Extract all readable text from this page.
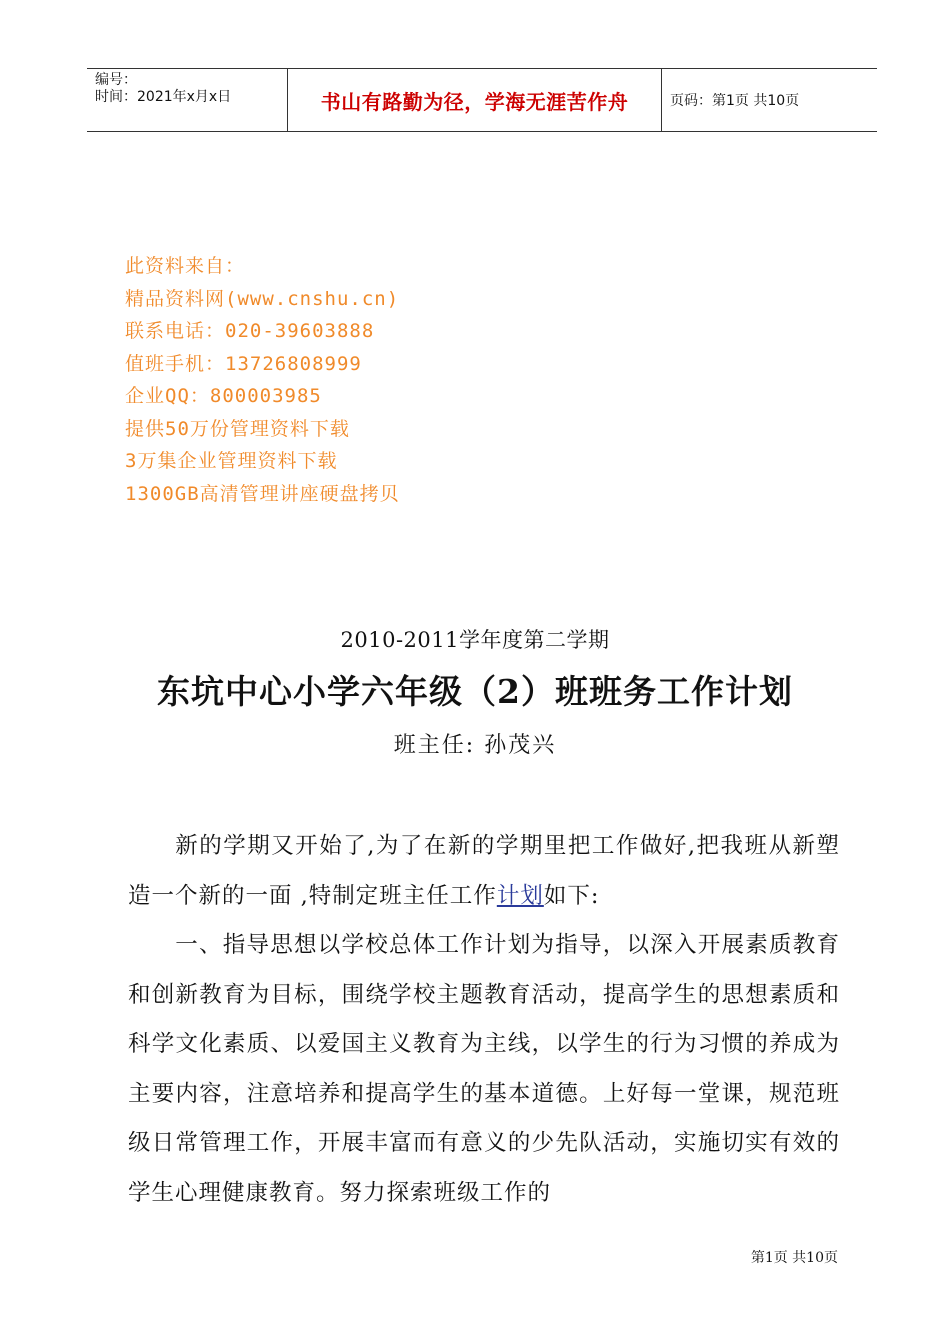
编号：
时间：2021年x月x日	书山有路勤为径，学海无涯苦作舟	页码：第1页 共10页
此资料来自：
精品资料网(www.cnshu.cn)
联系电话：020-39603888
值班手机：13726808999
企业QQ：800003985
提供50万份管理资料下载
3万集企业管理资料下载
1300GB高清管理讲座硬盘拷贝
2010-2011学年度第二学期
东坑中心小学六年级（2）班班务工作计划
班主任: 孙茂兴

新的学期又开始了,为了在新的学期里把工作做好,把我班从新塑造一个新的一面 ,特制定班主任工作计划如下:

一、指导思想以学校总体工作计划为指导，以深入开展素质教育和创新教育为目标，围绕学校主题教育活动，提高学生的思想素质和科学文化素质、以爱国主义教育为主线，以学生的行为习惯的养成为主要内容，注意培养和提高学生的基本道德。上好每一堂课，规范班级日常管理工作，开展丰富而有意义的少先队活动，实施切实有效的学生心理健康教育。努力探索班级工作的

第1页 共10页
